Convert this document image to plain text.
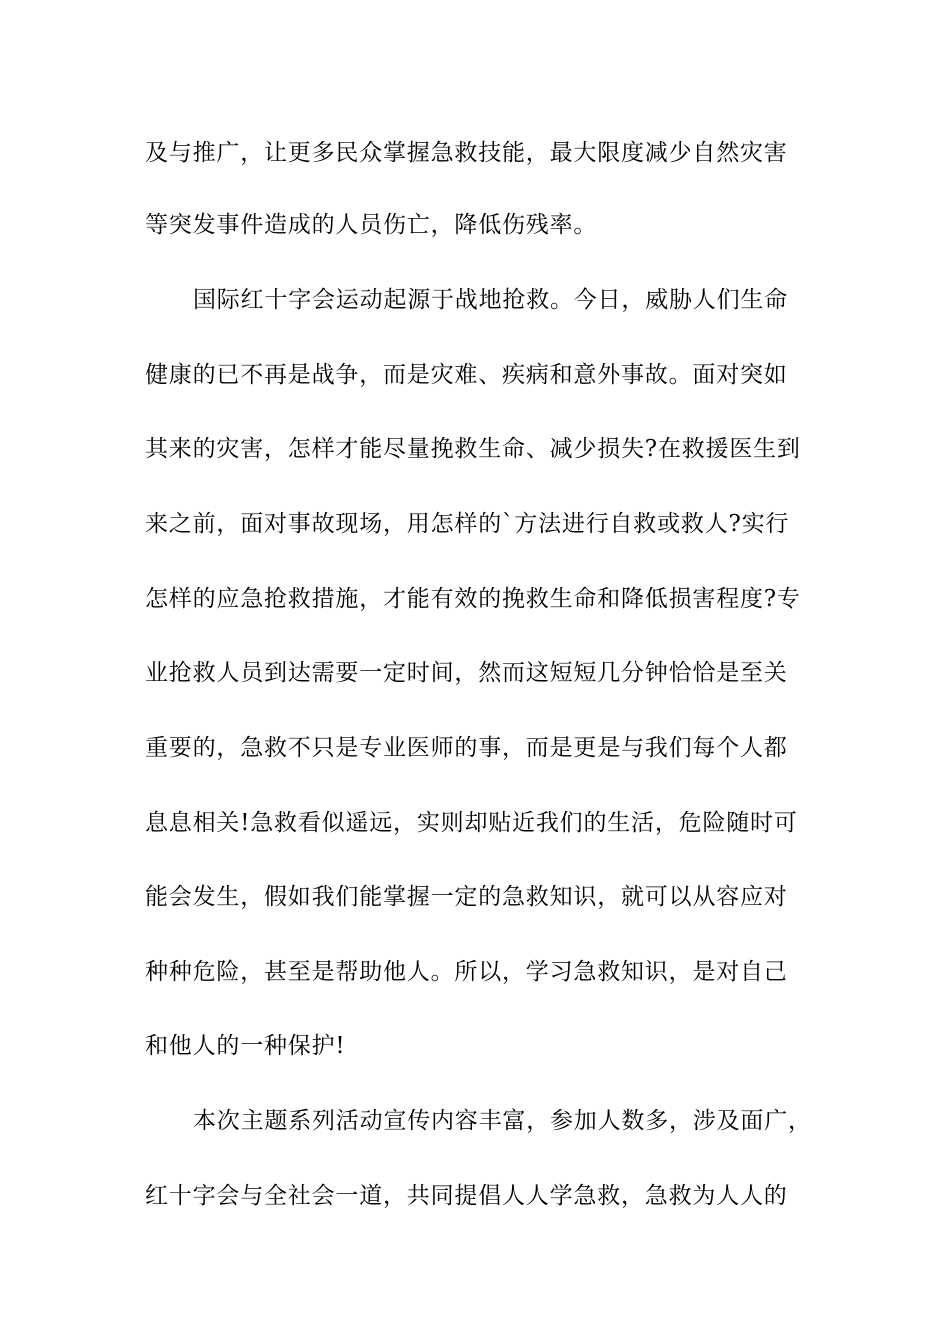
及与推广，让更多民众掌握急救技能，最大限度减少自然灾害
等突发事件造成的人员伤亡，降低伤残率。
国际红十字会运动起源于战地抢救。今日，威胁人们生命
健康的已不再是战争，而是灾难、疾病和意外事故。面对突如
其来的灾害，怎样才能尽量挽救生命、减少损失?在救援医生到
来之前，面对事故现场，用怎样的`方法进行自救或救人?实行
怎样的应急抢救措施，才能有效的挽救生命和降低损害程度?专
业抢救人员到达需要一定时间，然而这短短几分钟恰恰是至关
重要的，急救不只是专业医师的事，而是更是与我们每个人都
息息相关!急救看似遥远，实则却贴近我们的生活，危险随时可
能会发生，假如我们能掌握一定的急救知识，就可以从容应对
种种危险，甚至是帮助他人。所以，学习急救知识，是对自己
和他人的一种保护!
本次主题系列活动宣传内容丰富，参加人数多，涉及面广，
红十字会与全社会一道，共同提倡人人学急救，急救为人人的
